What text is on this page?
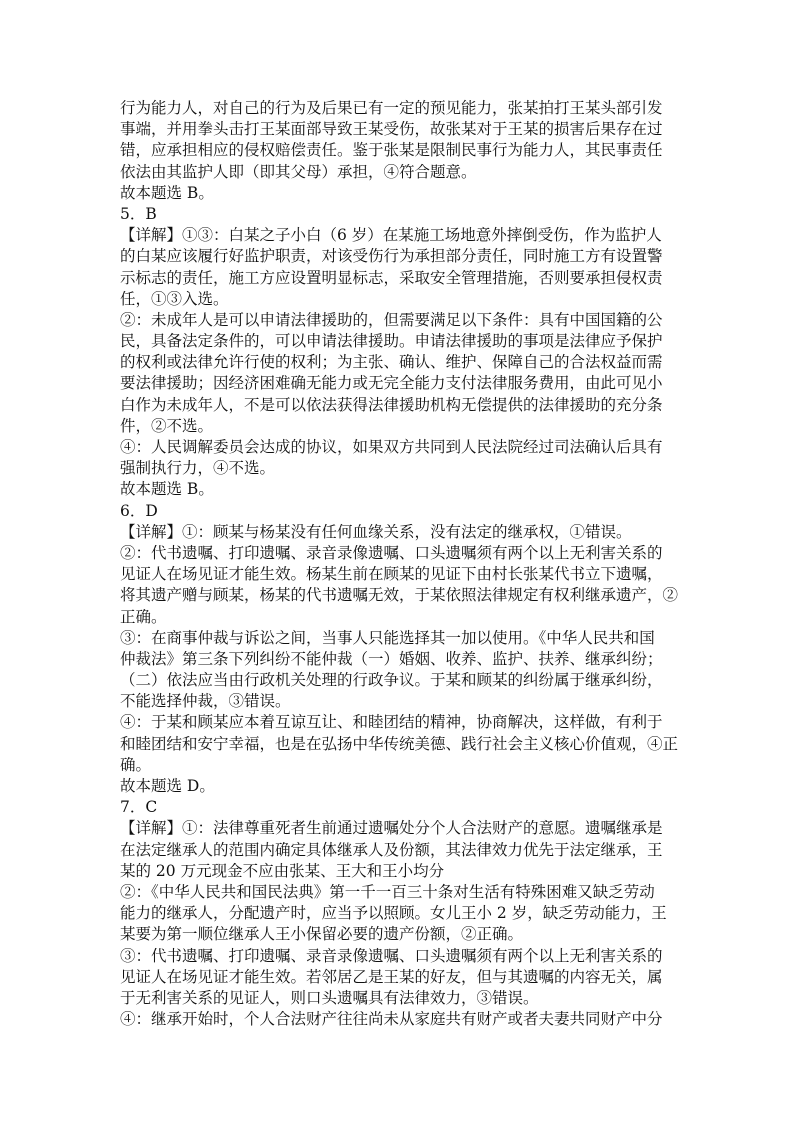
行为能力人，对自己的行为及后果已有一定的预见能力，张某拍打王某头部引发
事端，并用拳头击打王某面部导致王某受伤，故张某对于王某的损害后果存在过
错，应承担相应的侵权赔偿责任。鉴于张某是限制民事行为能力人，其民事责任
依法由其监护人即（即其父母）承担，④符合题意。
故本题选 B。
5．B
【详解】①③：白某之子小白（6 岁）在某施工场地意外摔倒受伤，作为监护人
的白某应该履行好监护职责，对该受伤行为承担部分责任，同时施工方有设置警
示标志的责任，施工方应设置明显标志，采取安全管理措施，否则要承担侵权责
任，①③入选。
②：未成年人是可以申请法律援助的，但需要满足以下条件：具有中国国籍的公
民，具备法定条件的，可以申请法律援助。申请法律援助的事项是法律应予保护
的权利或法律允许行使的权利；为主张、确认、维护、保障自己的合法权益而需
要法律援助；因经济困难确无能力或无完全能力支付法律服务费用，由此可见小
白作为未成年人，不是可以依法获得法律援助机构无偿提供的法律援助的充分条
件，②不选。
④：人民调解委员会达成的协议，如果双方共同到人民法院经过司法确认后具有
强制执行力，④不选。
故本题选 B。
6．D
【详解】①：顾某与杨某没有任何血缘关系，没有法定的继承权，①错误。
②：代书遗嘱、打印遗嘱、录音录像遗嘱、口头遗嘱须有两个以上无利害关系的
见证人在场见证才能生效。杨某生前在顾某的见证下由村长张某代书立下遗嘱，
将其遗产赠与顾某，杨某的代书遗嘱无效，于某依照法律规定有权利继承遗产，②
正确。
③：在商事仲裁与诉讼之间，当事人只能选择其一加以使用。《中华人民共和国
仲裁法》第三条下列纠纷不能仲裁（一）婚姻、收养、监护、扶养、继承纠纷；
（二）依法应当由行政机关处理的行政争议。于某和顾某的纠纷属于继承纠纷，
不能选择仲裁，③错误。
④：于某和顾某应本着互谅互让、和睦团结的精神，协商解决，这样做，有利于
和睦团结和安宁幸福，也是在弘扬中华传统美德、践行社会主义核心价值观，④正
确。
故本题选 D。
7．C
【详解】①：法律尊重死者生前通过遗嘱处分个人合法财产的意愿。遗嘱继承是
在法定继承人的范围内确定具体继承人及份额，其法律效力优先于法定继承，王
某的 20 万元现金不应由张某、王大和王小均分
②：《中华人民共和国民法典》第一千一百三十条对生活有特殊困难又缺乏劳动
能力的继承人，分配遗产时，应当予以照顾。女儿王小 2 岁，缺乏劳动能力，王
某要为第一顺位继承人王小保留必要的遗产份额，②正确。
③：代书遗嘱、打印遗嘱、录音录像遗嘱、口头遗嘱须有两个以上无利害关系的
见证人在场见证才能生效。若邻居乙是王某的好友，但与其遗嘱的内容无关，属
于无利害关系的见证人，则口头遗嘱具有法律效力，③错误。
④：继承开始时，个人合法财产往往尚未从家庭共有财产或者夫妻共同财产中分
